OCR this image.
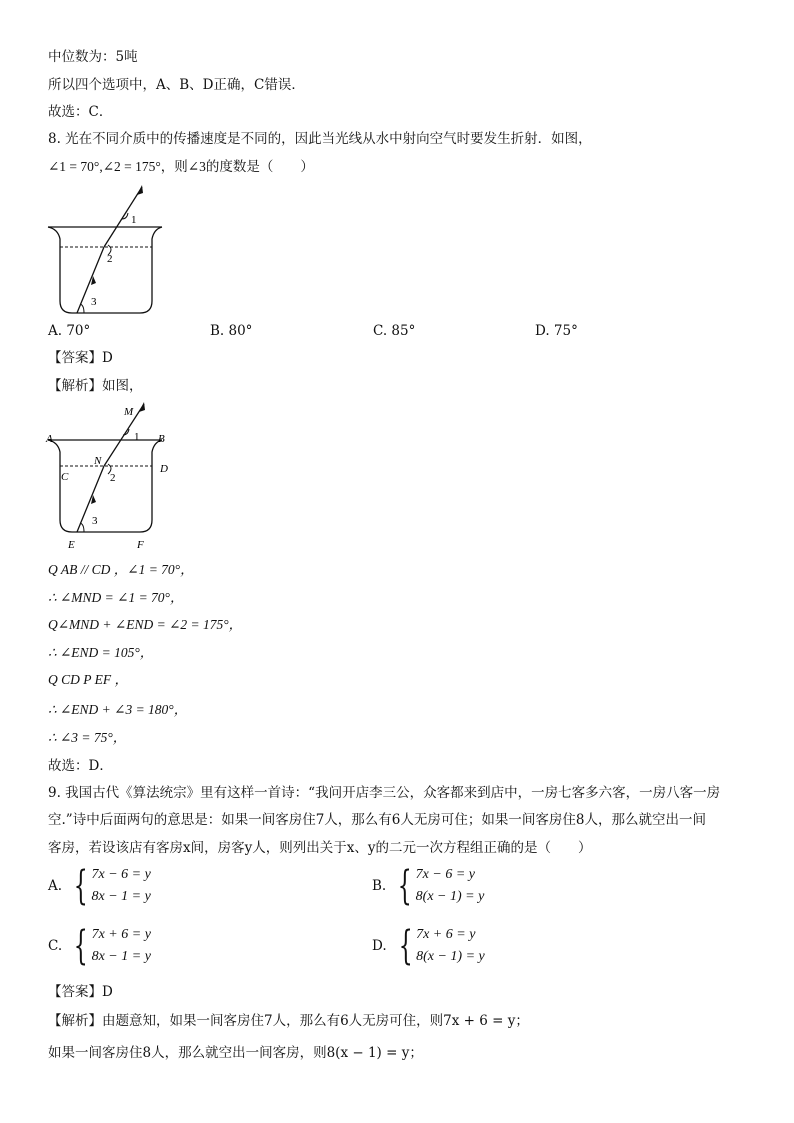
中位数为：5吨
所以四个选项中，A、B、D正确，C错误．
故选：C．
8. 光在不同介质中的传播速度是不同的，因此当光线从水中射向空气时要发生折射．如图，
∠1 = 70°,∠2 = 175°，则∠3的度数是（　　）
1
2
3
A. 70°	B. 80°	C. 85°	D. 75°
【答案】D
【解析】如图，
M
A	1 B
N
D
C	2
3
E	F
Q AB // CD ，∠1 = 70°，
∴ ∠MND = ∠1 = 70°，
Q∠MND + ∠END = ∠2 = 175°，
∴ ∠END = 105°，
Q CD P EF ，
∴ ∠END + ∠3 = 180°，
∴ ∠3 = 75°，
故选：D．
9. 我国古代《算法统宗》里有这样一首诗：“我问开店李三公，众客都来到店中，一房七客多六客，一房八客一房
空.”诗中后面两句的意思是：如果一间客房住7人，那么有6人无房可住；如果一间客房住8人，那么就空出一间
客房，若设该店有客房x间，房客y人，则列出关于x、y的二元一次方程组正确的是（　　）
A. { 7x − 6 = y
8x − 1 = y
B. { 7x − 6 = y
8(x − 1) = y
C. { 7x + 6 = y
8x − 1 = y
D. { 7x + 6 = y
8(x − 1) = y
【答案】D
【解析】由题意知，如果一间客房住7人，那么有6人无房可住，则7x + 6 = y；
如果一间客房住8人，那么就空出一间客房，则8(x − 1) = y；
